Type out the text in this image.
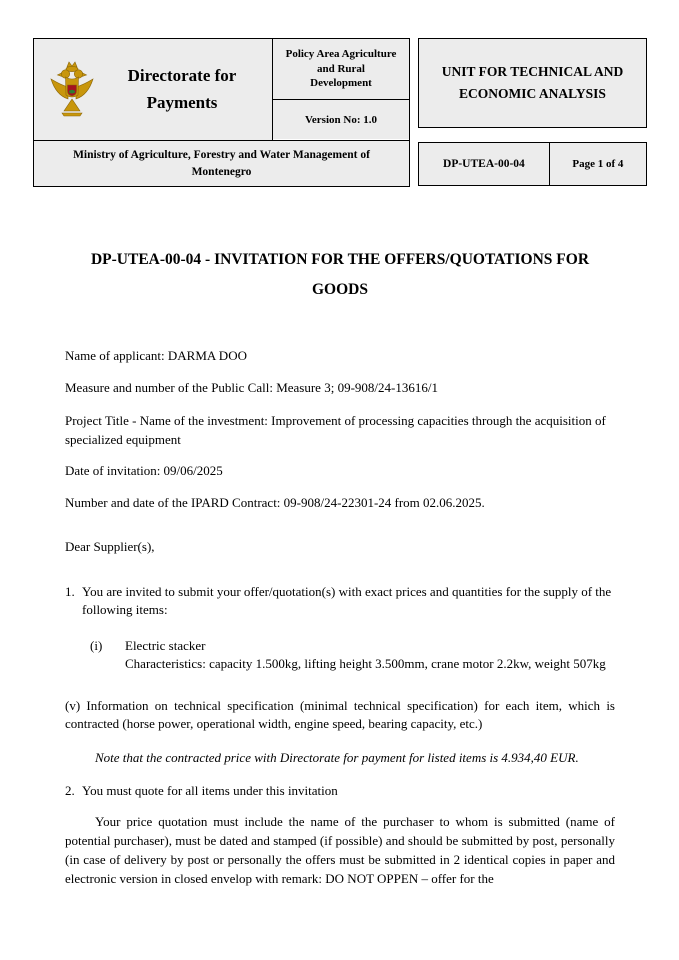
Directorate for Payments
Policy Area Agriculture and Rural Development
Version No: 1.0
Ministry of Agriculture, Forestry and Water Management of Montenegro
UNIT FOR TECHNICAL AND ECONOMIC ANALYSIS
DP-UTEA-00-04	Page 1 of 4
DP-UTEA-00-04 - INVITATION FOR THE OFFERS/QUOTATIONS FOR GOODS

Name of applicant: DARMA DOO

Measure and number of the Public Call: Measure 3; 09-908/24-13616/1

Project Title - Name of the investment: Improvement of processing capacities through the acquisition of specialized equipment

Date of invitation: 09/06/2025

Number and date of the IPARD Contract: 09-908/24-22301-24 from 02.06.2025.

Dear Supplier(s),

1. You are invited to submit your offer/quotation(s) with exact prices and quantities for the supply of the following items:
(i)	Electric stacker
Characteristics: capacity 1.500kg, lifting height 3.500mm, crane motor 2.2kw, weight 507kg

(v) Information on technical specification (minimal technical specification) for each item, which is contracted (horse power, operational width, engine speed, bearing capacity, etc.)

Note that the contracted price with Directorate for payment for listed items is 4.934,40 EUR.

2. You must quote for all items under this invitation

Your price quotation must include the name of the purchaser to whom is submitted (name of potential purchaser), must be dated and stamped (if possible) and should be submitted by post, personally (in case of delivery by post or personally the offers must be submitted in 2 identical copies in paper and electronic version in closed envelop with remark: DO NOT OPPEN – offer for the
